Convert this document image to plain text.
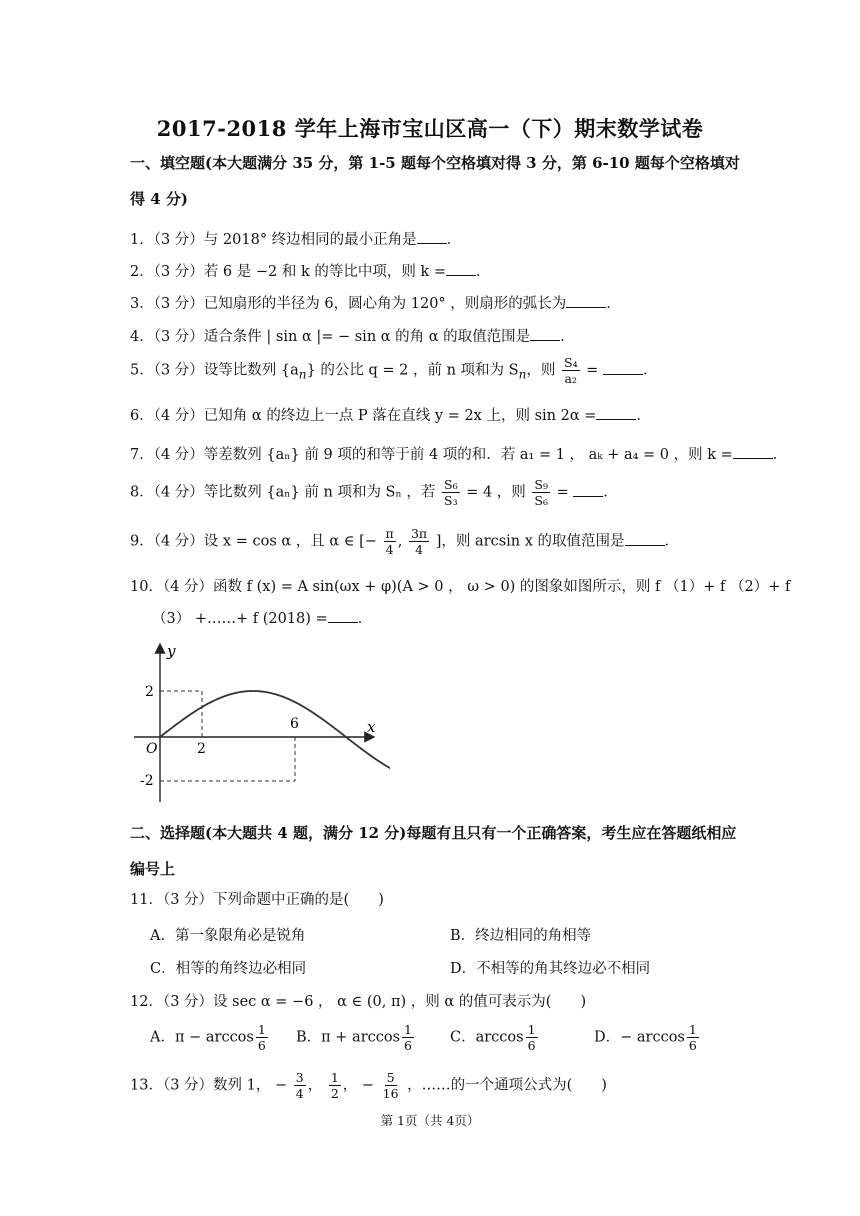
2017-2018 学年上海市宝山区高一（下）期末数学试卷
一、填空题(本大题满分 35 分，第 1-5 题每个空格填对得 3 分，第 6-10 题每个空格填对得 4 分)
1．（3 分）与 2018° 终边相同的最小正角是 ．
2．（3 分）若 6 是 −2 和 k 的等比中项，则 k = ．
3．（3 分）已知扇形的半径为 6，圆心角为 120° ，则扇形的弧长为	．
4．（3 分）适合条件 | sin α |= − sin α 的角 α 的取值范围是 ．
5．（3 分）设等比数列 $\{a_n\}$ 的公比 q = 2 ，前 n 项和为 $S_n$，则 $\frac{\text{S₄}}{\text{a₂}}$ =	．
6．（4 分）已知角 α 的终边上一点 P 落在直线 y = 2x 上，则 sin 2α =	．
7．（4 分）等差数列 {aₙ} 前 9 项的和等于前 4 项的和．若 a₁ = 1 ， aₖ + a₄ = 0 ，则 k =	．
8．（4 分）等比数列 {aₙ} 前 n 项和为 Sₙ ，若 $\frac{\text{S₆}}{\text{S₃}} = 4$ ，则 $\frac{\text{S₉}}{\text{S₆}}$ = ．
9．（4 分）设 x = cos α ，且 α ∈ [− $\frac{\pi}{4}$ , $\frac{3\pi}{4}$ ]，则 arcsin x 的取值范围是	．
10．（4 分）函数 f (x) = A sin(ωx + φ)(A > 0 ， ω > 0) 的图象如图所示，则 f （1）+ f （2）+ f
（3） +……+ f (2018) = ．
y
x
O
2
-2
2
6
二、选择题(本大题共 4 题，满分 12 分)每题有且只有一个正确答案，考生应在答题纸相应编号上
11．（3 分）下列命题中正确的是(　　)
A．第一象限角必是锐角	B．终边相同的角相等
C．相等的角终边必相同	D．不相等的角其终边必不相同
12．（3 分）设 sec α = −6 ， α ∈ (0, π) ，则 α 的值可表示为(　　)
A．$\pi - \arccos \frac{1}{6}$ B．$\pi + \arccos \frac{1}{6}$ C．$\arccos \frac{1}{6}$	D．− $\arccos \frac{1}{6}$
13．（3 分）数列 1， − $\frac{3}{4}$ ， $\frac{1}{2}$ ， − $\frac{5}{16}$ ，……的一个通项公式为(　　)
第 1页（共 4页）
